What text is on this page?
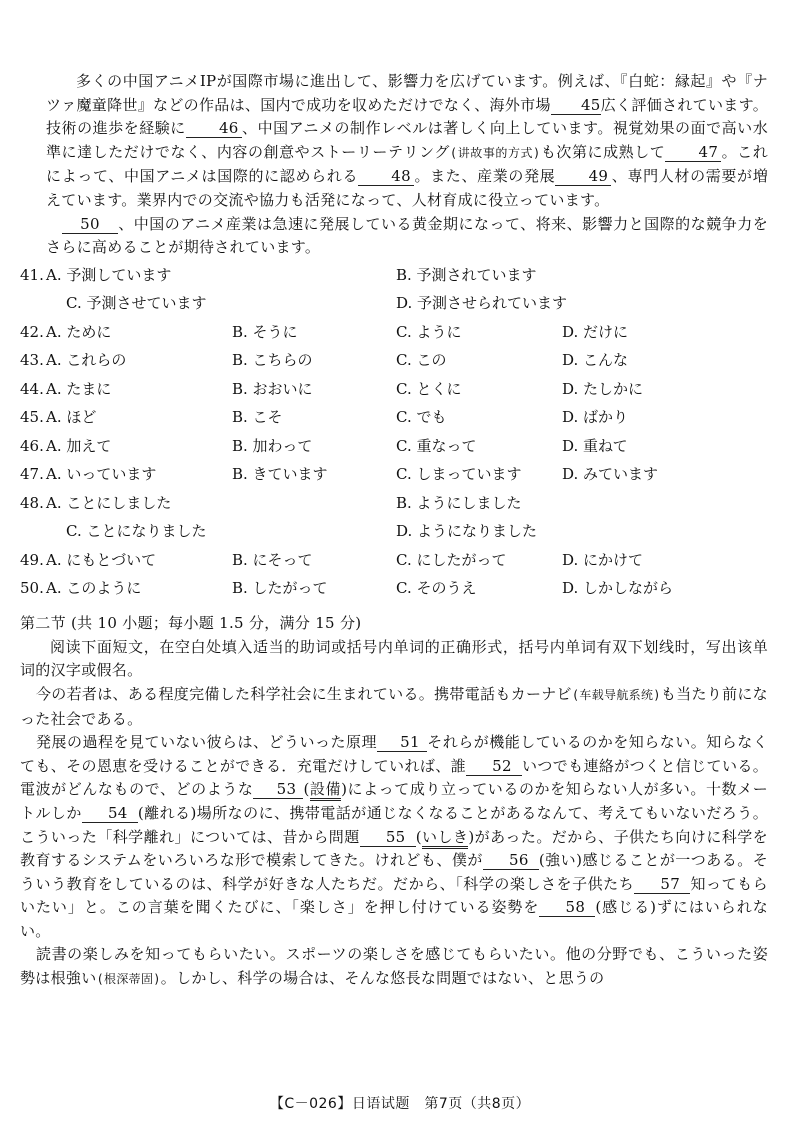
多くの中国アニメIPが国際市場に進出して、影響力を広げています。例えば、『白蛇：縁起』や『ナツァ魔童降世』などの作品は、国内で成功を収めただけでなく、海外市場 45広く評価されています。技術の進歩を経験に 46 、中国アニメの制作レベルは著しく向上しています。視覚効果の面で高い水準に達しただけでなく、内容の創意やストーリーテリング(讲故事的方式)も次第に成熟して 47 。これによって、中国アニメは国際的に認められる 48 。また、産業の発展 49 、専門人材の需要が増えています。業界内での交流や協力も活発になって、人材育成に役立っています。

50 、中国のアニメ産業は急速に発展している黄金期になって、将来、影響力と国際的な競争力をさらに高めることが期待されています。

41. A. 予測しています	B. 予測されています
C. 予測させています	D. 予測させられています
42. A. ために	B. そうに	C. ように	D. だけに
43. A. これらの	B. こちらの	C. この	D. こんな
44. A. たまに	B. おおいに	C. とくに	D. たしかに
45. A. ほど	B. こそ	C. でも	D. ばかり
46. A. 加えて	B. 加わって	C. 重なって	D. 重ねて
47. A. いっています	B. きています	C. しまっています	D. みています
48. A. ことにしました	B. ようにしました
C. ことになりました	D. ようになりました
49. A. にもとづいて	B. にそって	C. にしたがって	D. にかけて
50. A. このように	B. したがって	C. そのうえ	D. しかしながら

第二节 (共 10 小题；每小题 1.5 分，满分 15 分)

阅读下面短文，在空白处填入适当的助词或括号内单词的正确形式，括号内单词有双下划线时，写出该单词的汉字或假名。

今の若者は、ある程度完備した科学社会に生まれている。携帯電話もカーナビ(车载导航系统)も当たり前になった社会である。

発展の過程を見ていない彼らは、どういった原理 51 それらが機能しているのかを知らない。知らなくても、その恩恵を受けることができる．充電だけしていれば、誰 52 いつでも連絡がつくと信じている。電波がどんなもので、どのような 53 (設備)によって成り立っているのかを知らない人が多い。十数メートルしか 54 (離れる)場所なのに、携帯電話が通じなくなることがあるなんて、考えてもいないだろう。こういった「科学離れ」については、昔から問題 55 (いしき)があった。だから、子供たち向けに科学を教育するシステムをいろいろな形で模索してきた。けれども、僕が 56 (強い)感じることが一つある。そういう教育をしているのは、科学が好きな人たちだ。だから、「科学の楽しさを子供たち 57 知ってもらいたい」と。この言葉を聞くたびに、「楽しさ」を押し付けている姿勢を 58 (感じる)ずにはいられない。

読書の楽しみを知ってもらいたい。スポーツの楽しさを感じてもらいたい。他の分野でも、こういった姿勢は根強い(根深蒂固)。しかし、科学の場合は、そんな悠長な問題ではない、と思うの

【C－026】日语试题　第7页（共8页）
